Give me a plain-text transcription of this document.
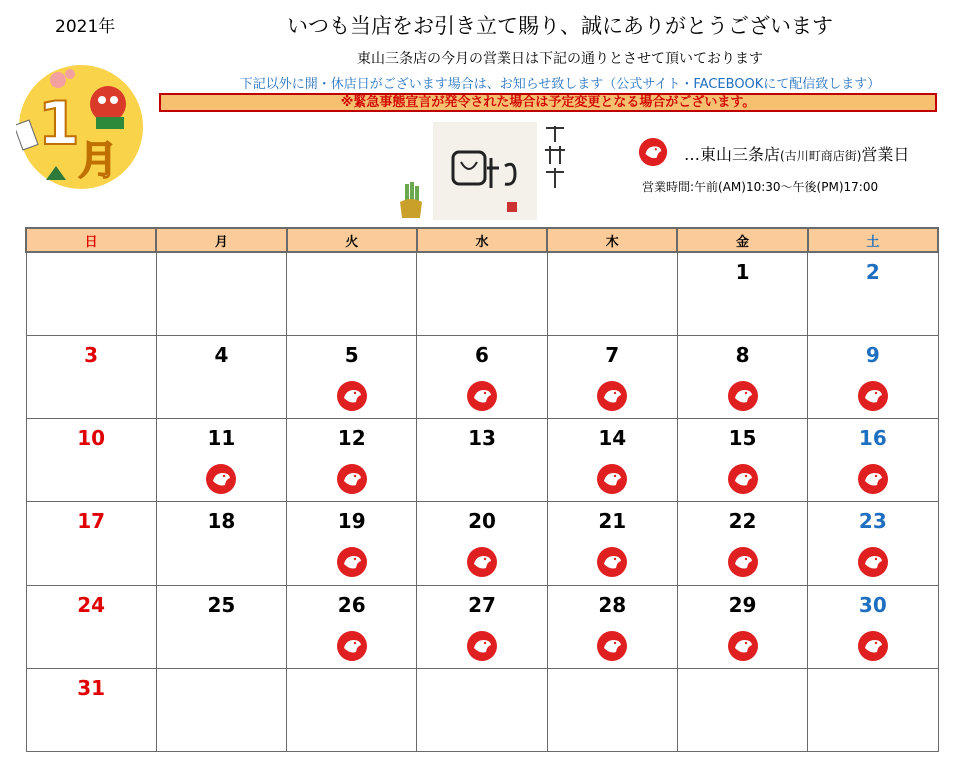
2021年	いつも当店をお引き立て賜り、誠にありがとうございます
東山三条店の今月の営業日は下記の通りとさせて頂いております
下記以外に開・休店日がございます場合は、お知らせ致します（公式サイト・FACEBOOKにて配信致します）
※緊急事態宣言が発令された場合は予定変更となる場合がございます。
1
月	…東山三条店(古川町商店街)営業日
営業時間:午前(AM)10:30～午後(PM)17:00
日	月	火	水	木	金	土

					1	2

3	4	5	6	7	8	9

10	11	12	13	14	15	16

17	18	19	20	21	22	23

24	25	26	27	28	29	30

31						
